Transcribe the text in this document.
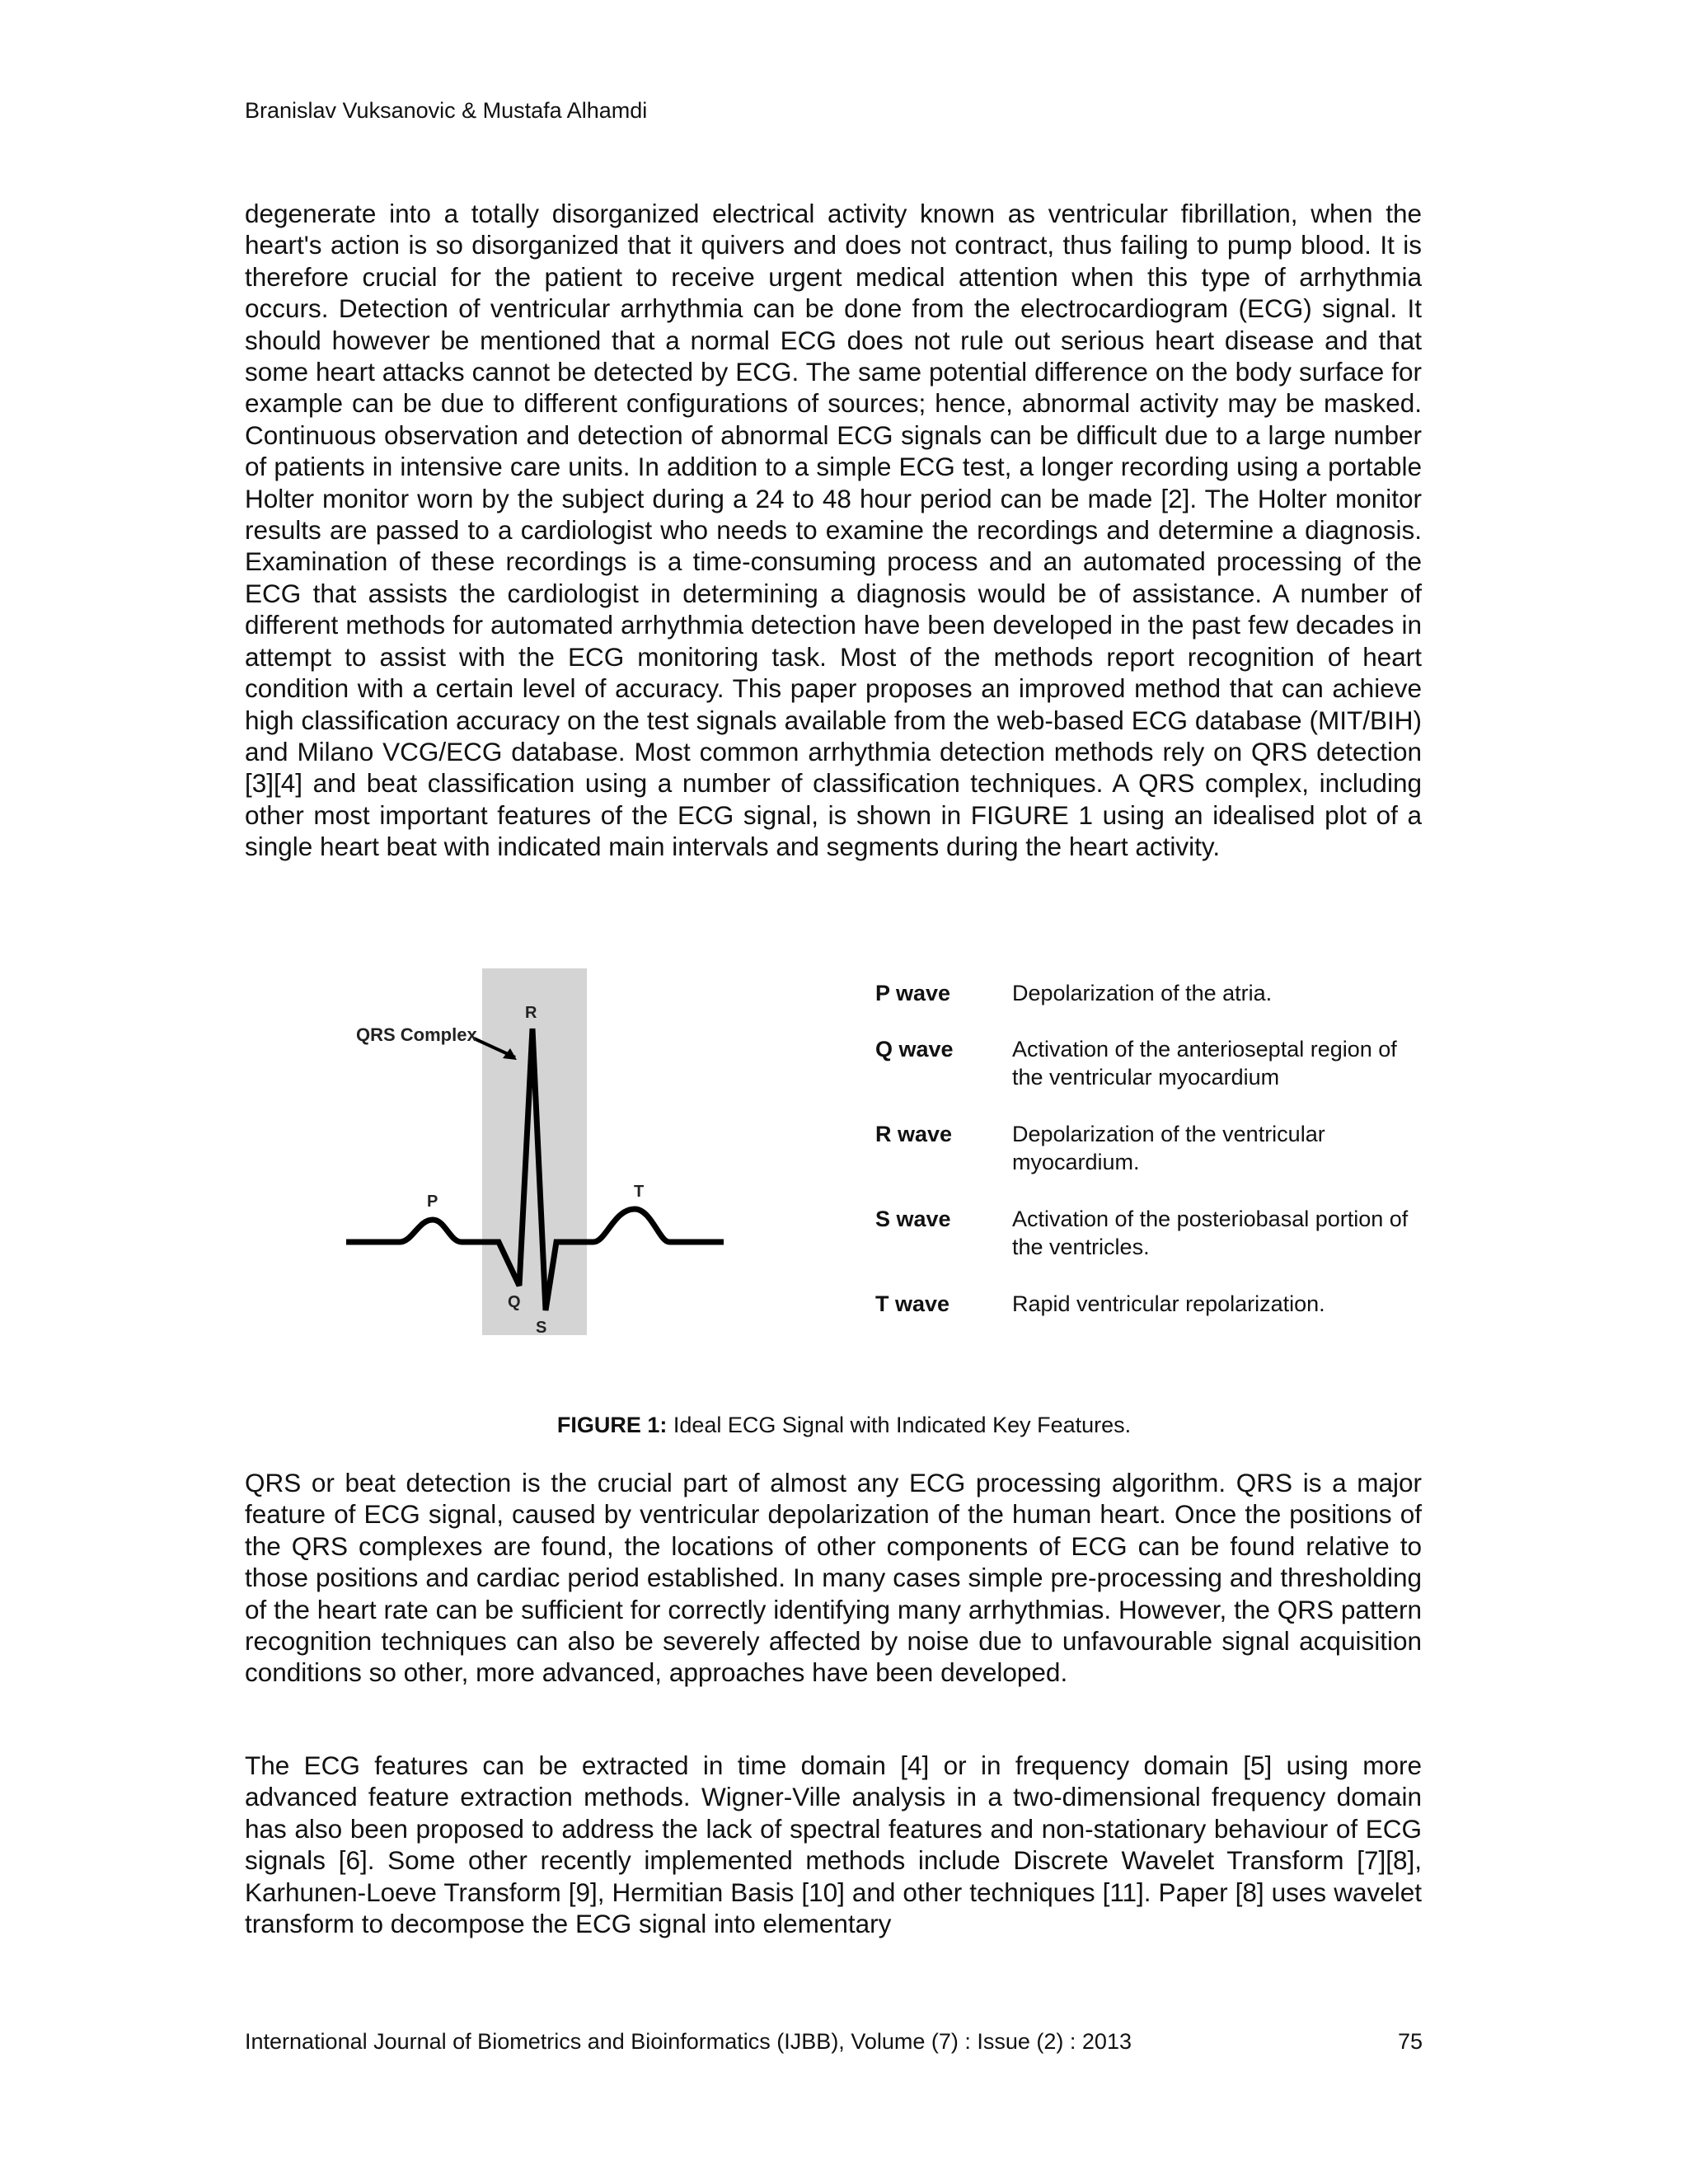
Branislav Vuksanovic & Mustafa Alhamdi

degenerate into a totally disorganized electrical activity known as ventricular fibrillation, when the heart's action is so disorganized that it quivers and does not contract, thus failing to pump blood. It is therefore crucial for the patient to receive urgent medical attention when this type of arrhythmia occurs. Detection of ventricular arrhythmia can be done from the electrocardiogram (ECG) signal. It should however be mentioned that a normal ECG does not rule out serious heart disease and that some heart attacks cannot be detected by ECG. The same potential difference on the body surface for example can be due to different configurations of sources; hence, abnormal activity may be masked. Continuous observation and detection of abnormal ECG signals can be difficult due to a large number of patients in intensive care units. In addition to a simple ECG test, a longer recording using a portable Holter monitor worn by the subject during a 24 to 48 hour period can be made [2]. The Holter monitor results are passed to a cardiologist who needs to examine the recordings and determine a diagnosis. Examination of these recordings is a time-consuming process and an automated processing of the ECG that assists the cardiologist in determining a diagnosis would be of assistance. A number of different methods for automated arrhythmia detection have been developed in the past few decades in attempt to assist with the ECG monitoring task. Most of the methods report recognition of heart condition with a certain level of accuracy. This paper proposes an improved method that can achieve high classification accuracy on the test signals available from the web-based ECG database (MIT/BIH) and Milano VCG/ECG database. Most common arrhythmia detection methods rely on QRS detection [3][4] and beat classification using a number of classification techniques. A QRS complex, including other most important features of the ECG signal, is shown in FIGURE 1 using an idealised plot of a single heart beat with indicated main intervals and segments during the heart activity.

QRS Complex
R
P
T
Q
S
P wave	Depolarization of the atria.
Q wave	Activation of the anterioseptal region of the ventricular myocardium
R wave	Depolarization of the ventricular myocardium.
S wave	Activation of the posteriobasal portion of the ventricles.
T wave	Rapid ventricular repolarization.
FIGURE 1: Ideal ECG Signal with Indicated Key Features.

QRS or beat detection is the crucial part of almost any ECG processing algorithm. QRS is a major feature of ECG signal, caused by ventricular depolarization of the human heart. Once the positions of the QRS complexes are found, the locations of other components of ECG can be found relative to those positions and cardiac period established. In many cases simple pre-processing and thresholding of the heart rate can be sufficient for correctly identifying many arrhythmias. However, the QRS pattern recognition techniques can also be severely affected by noise due to unfavourable signal acquisition conditions so other, more advanced, approaches have been developed.

The ECG features can be extracted in time domain [4] or in frequency domain [5] using more advanced feature extraction methods. Wigner-Ville analysis in a two-dimensional frequency domain has also been proposed to address the lack of spectral features and non-stationary behaviour of ECG signals [6]. Some other recently implemented methods include Discrete Wavelet Transform [7][8], Karhunen-Loeve Transform [9], Hermitian Basis [10] and other techniques [11]. Paper [8] uses wavelet transform to decompose the ECG signal into elementary

International Journal of Biometrics and Bioinformatics (IJBB), Volume (7) : Issue (2) : 2013	75
